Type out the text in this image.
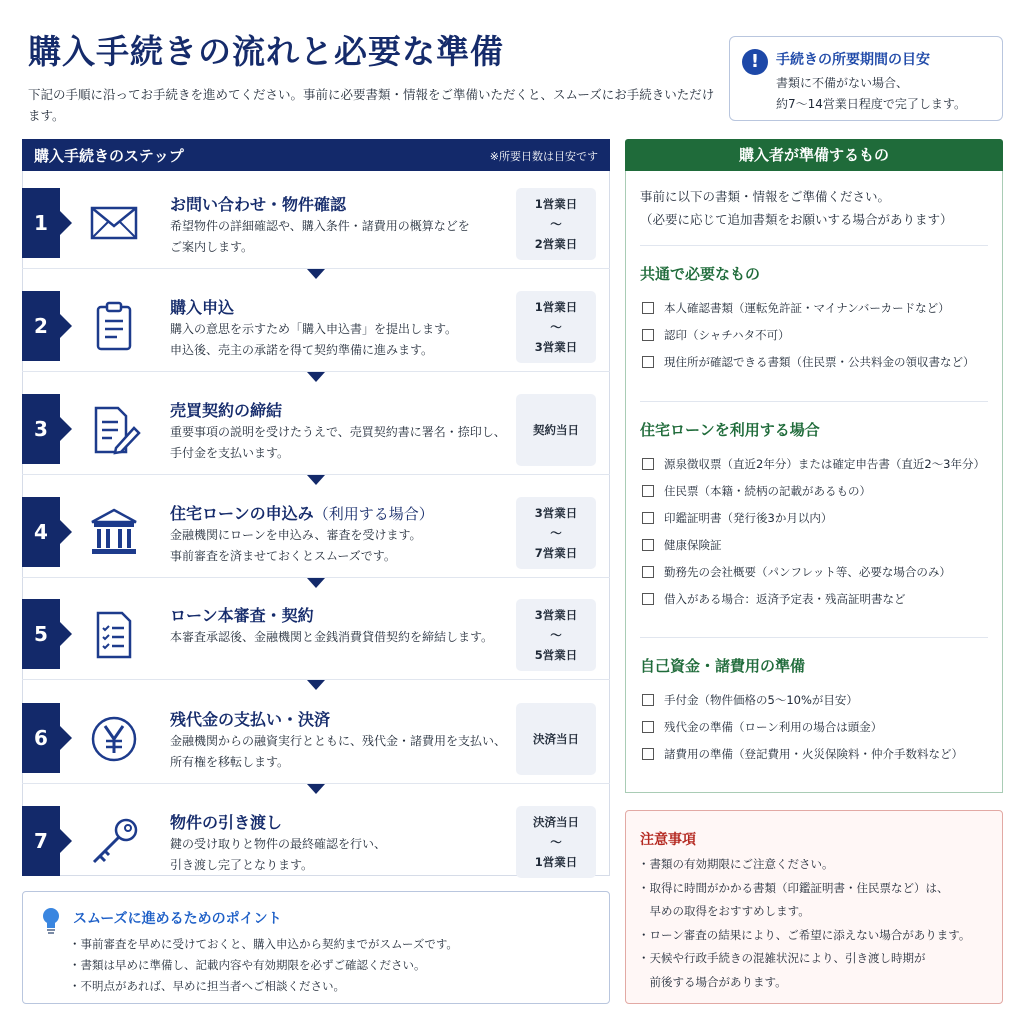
購入手続きの流れと必要な準備
下記の手順に沿ってお手続きを進めてください。事前に必要書類・情報をご準備いただくと、スムーズにお手続きいただけます。
!	手続きの所要期間の目安
書類に不備がない場合、
約7〜14営業日程度で完了します。
購入手続きのステップ	※所要日数は目安です
1
お問い合わせ・物件確認
希望物件の詳細確認や、購入条件・諸費用の概算などを
ご案内します。
1営業日
〜
2営業日
2
購入申込
購入の意思を示すため「購入申込書」を提出します。
申込後、売主の承諾を得て契約準備に進みます。
1営業日
〜
3営業日
3
売買契約の締結
重要事項の説明を受けたうえで、売買契約書に署名・捺印し、
手付金を支払います。
契約当日
4
住宅ローンの申込み（利用する場合）
金融機関にローンを申込み、審査を受けます。
事前審査を済ませておくとスムーズです。
3営業日
〜
7営業日
5
ローン本審査・契約
本審査承認後、金融機関と金銭消費貸借契約を締結します。
3営業日
〜
5営業日
6
残代金の支払い・決済
金融機関からの融資実行とともに、残代金・諸費用を支払い、
所有権を移転します。
決済当日
7
物件の引き渡し
鍵の受け取りと物件の最終確認を行い、
引き渡し完了となります。
決済当日
〜
1営業日
スムーズに進めるためのポイント
・事前審査を早めに受けておくと、購入申込から契約までがスムーズです。
・書類は早めに準備し、記載内容や有効期限を必ずご確認ください。
・不明点があれば、早めに担当者へご相談ください。
購入者が準備するもの
事前に以下の書類・情報をご準備ください。
（必要に応じて追加書類をお願いする場合があります）
共通で必要なもの
本人確認書類（運転免許証・マイナンバーカードなど）
認印（シャチハタ不可）
現住所が確認できる書類（住民票・公共料金の領収書など）
住宅ローンを利用する場合
源泉徴収票（直近2年分）または確定申告書（直近2〜3年分）
住民票（本籍・続柄の記載があるもの）
印鑑証明書（発行後3か月以内）
健康保険証
勤務先の会社概要（パンフレット等、必要な場合のみ）
借入がある場合：返済予定表・残高証明書など
自己資金・諸費用の準備
手付金（物件価格の5〜10%が目安）
残代金の準備（ローン利用の場合は頭金）
諸費用の準備（登記費用・火災保険料・仲介手数料など）
注意事項
・書類の有効期限にご注意ください。
・取得に時間がかかる書類（印鑑証明書・住民票など）は、
　早めの取得をおすすめします。
・ローン審査の結果により、ご希望に添えない場合があります。
・天候や行政手続きの混雑状況により、引き渡し時期が
　前後する場合があります。
